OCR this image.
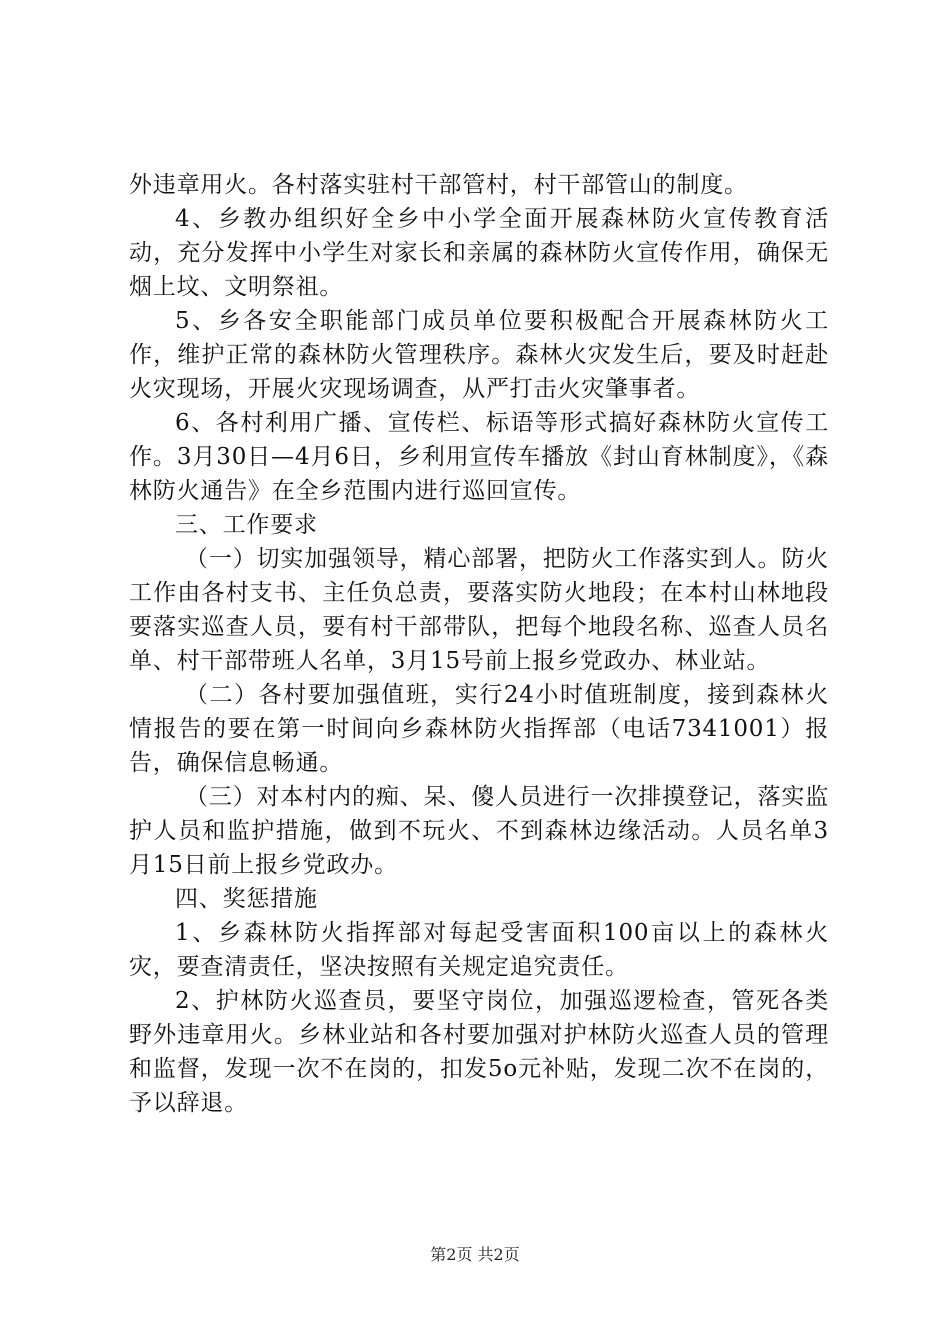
外违章用火。各村落实驻村干部管村，村干部管山的制度。

4、乡教办组织好全乡中小学全面开展森林防火宣传教育活动，充分发挥中小学生对家长和亲属的森林防火宣传作用，确保无烟上坟、文明祭祖。

5、乡各安全职能部门成员单位要积极配合开展森林防火工作，维护正常的森林防火管理秩序。森林火灾发生后，要及时赶赴火灾现场，开展火灾现场调查，从严打击火灾肇事者。

6、各村利用广播、宣传栏、标语等形式搞好森林防火宣传工作。3月30日—4月6日，乡利用宣传车播放《封山育林制度》，《森林防火通告》在全乡范围内进行巡回宣传。

三、工作要求

（一）切实加强领导，精心部署，把防火工作落实到人。防火工作由各村支书、主任负总责，要落实防火地段；在本村山林地段要落实巡查人员，要有村干部带队，把每个地段名称、巡查人员名单、村干部带班人名单，3月15号前上报乡党政办、林业站。

（二）各村要加强值班，实行24小时值班制度，接到森林火情报告的要在第一时间向乡森林防火指挥部（电话7341001）报告，确保信息畅通。

（三）对本村内的痴、呆、傻人员进行一次排摸登记，落实监护人员和监护措施，做到不玩火、不到森林边缘活动。人员名单3月15日前上报乡党政办。

四、奖惩措施

1、乡森林防火指挥部对每起受害面积100亩以上的森林火灾，要查清责任，坚决按照有关规定追究责任。

2、护林防火巡查员，要坚守岗位，加强巡逻检查，管死各类野外违章用火。乡林业站和各村要加强对护林防火巡查人员的管理和监督，发现一次不在岗的，扣发5o元补贴，发现二次不在岗的，予以辞退。

第2页 共2页
